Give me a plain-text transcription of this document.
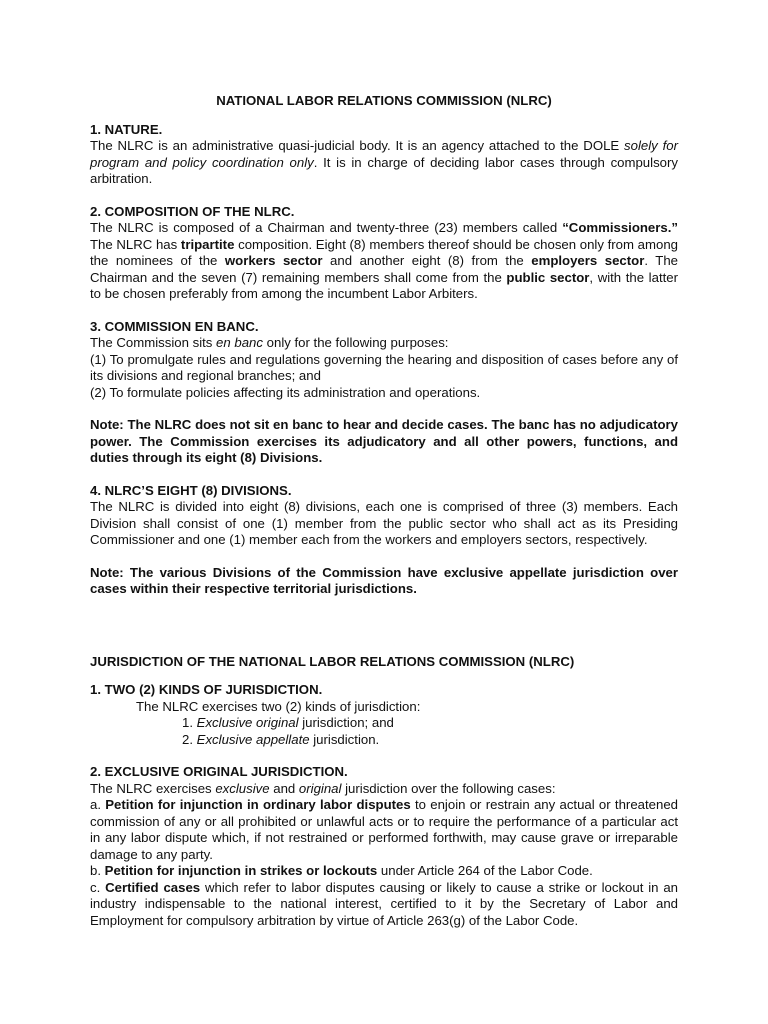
NATIONAL LABOR RELATIONS COMMISSION (NLRC)

1. NATURE.

The NLRC is an administrative quasi-judicial body. It is an agency attached to the DOLE solely for program and policy coordination only. It is in charge of deciding labor cases through compulsory arbitration.

2. COMPOSITION OF THE NLRC.

The NLRC is composed of a Chairman and twenty-three (23) members called “Commissioners.” The NLRC has tripartite composition. Eight (8) members thereof should be chosen only from among the nominees of the workers sector and another eight (8) from the employers sector. The Chairman and the seven (7) remaining members shall come from the public sector, with the latter to be chosen preferably from among the incumbent Labor Arbiters.

3. COMMISSION EN BANC.

The Commission sits en banc only for the following purposes:

(1) To promulgate rules and regulations governing the hearing and disposition of cases before any of its divisions and regional branches; and

(2) To formulate policies affecting its administration and operations.

Note: The NLRC does not sit en banc to hear and decide cases. The banc has no adjudicatory power. The Commission exercises its adjudicatory and all other powers, functions, and duties through its eight (8) Divisions.

4. NLRC’S EIGHT (8) DIVISIONS.

The NLRC is divided into eight (8) divisions, each one is comprised of three (3) members. Each Division shall consist of one (1) member from the public sector who shall act as its Presiding Commissioner and one (1) member each from the workers and employers sectors, respectively.

Note: The various Divisions of the Commission have exclusive appellate jurisdiction over cases within their respective territorial jurisdictions.

JURISDICTION OF THE NATIONAL LABOR RELATIONS COMMISSION (NLRC)

1. TWO (2) KINDS OF JURISDICTION.

The NLRC exercises two (2) kinds of jurisdiction:

1. Exclusive original jurisdiction; and

2. Exclusive appellate jurisdiction.

2. EXCLUSIVE ORIGINAL JURISDICTION.

The NLRC exercises exclusive and original jurisdiction over the following cases:

a. Petition for injunction in ordinary labor disputes to enjoin or restrain any actual or threatened commission of any or all prohibited or unlawful acts or to require the performance of a particular act in any labor dispute which, if not restrained or performed forthwith, may cause grave or irreparable damage to any party.

b. Petition for injunction in strikes or lockouts under Article 264 of the Labor Code.

c. Certified cases which refer to labor disputes causing or likely to cause a strike or lockout in an industry indispensable to the national interest, certified to it by the Secretary of Labor and Employment for compulsory arbitration by virtue of Article 263(g) of the Labor Code.
